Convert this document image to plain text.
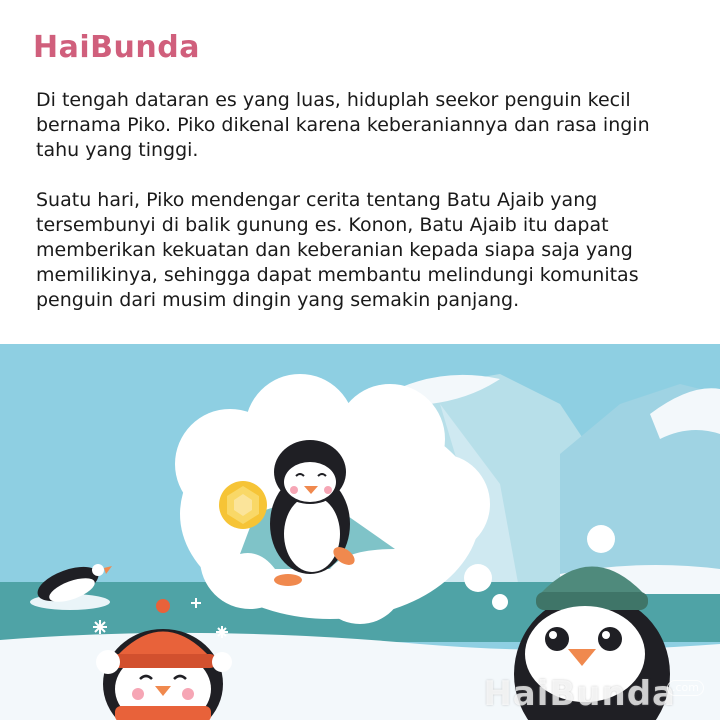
HaiBunda

Di tengah dataran es yang luas, hiduplah seekor penguin kecil bernama Piko. Piko dikenal karena keberaniannya dan rasa ingin tahu yang tinggi.

Suatu hari, Piko mendengar cerita tentang Batu Ajaib yang tersembunyi di balik gunung es. Konon, Batu Ajaib itu dapat memberikan kekuatan dan keberanian kepada siapa saja yang memilikinya, sehingga dapat membantu melindungi komunitas penguin dari musim dingin yang semakin panjang.

Submitted to
HaiBunda
.com
